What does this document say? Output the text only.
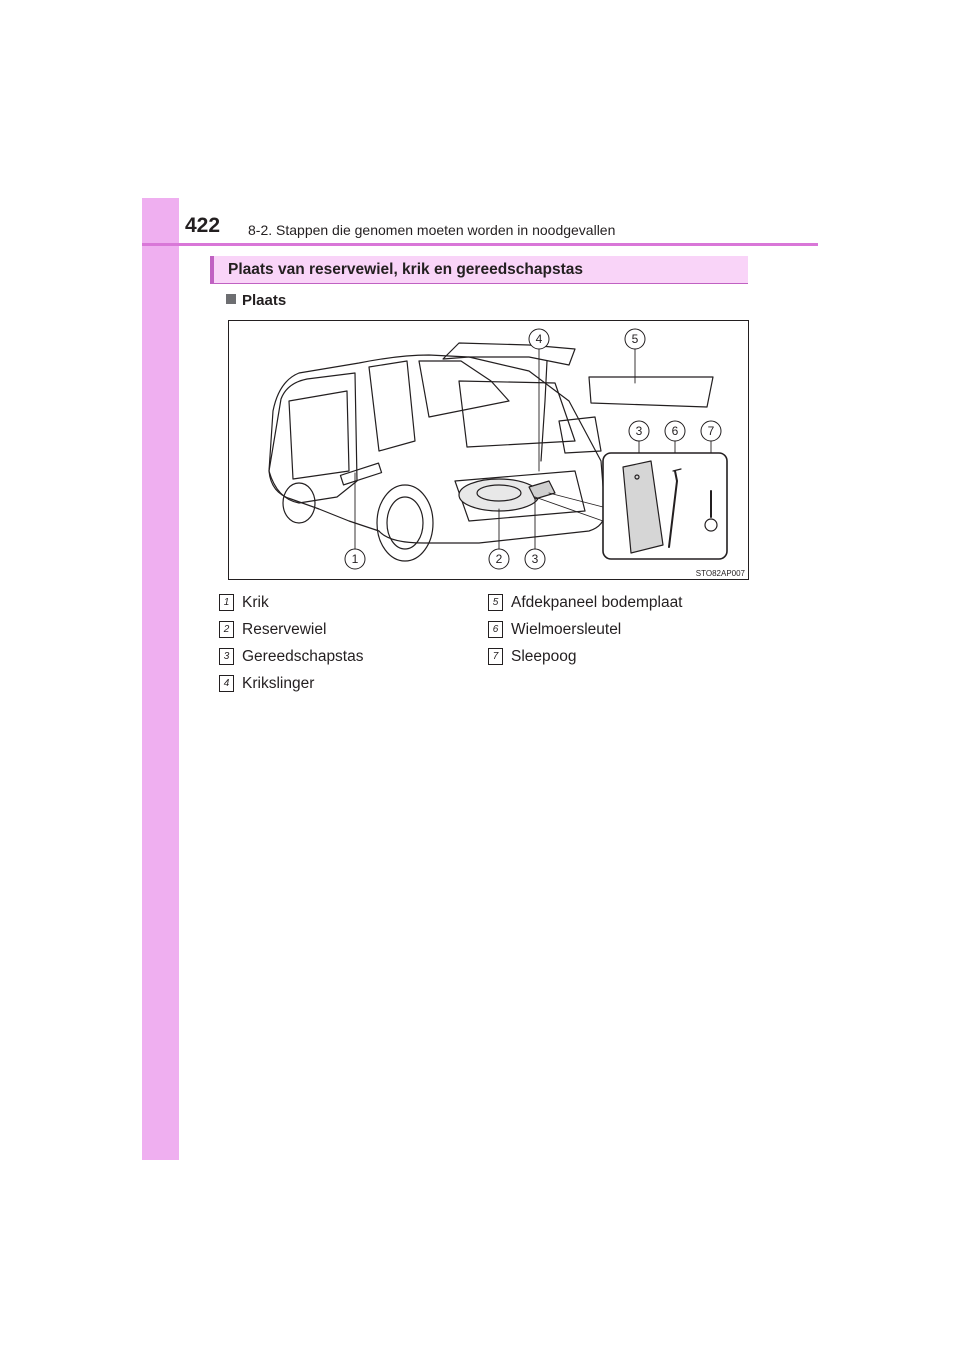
422 8-2. Stappen die genomen moeten worden in noodgevallen
Plaats van reservewiel, krik en gereedschapstas
Plaats
1	2 3
4	5
3 6 7
STO82AP007
1 Krik
2 Reservewiel
3 Gereedschapstas
4 Krikslinger
5 Afdekpaneel bodemplaat
6 Wielmoersleutel
7 Sleepoog
